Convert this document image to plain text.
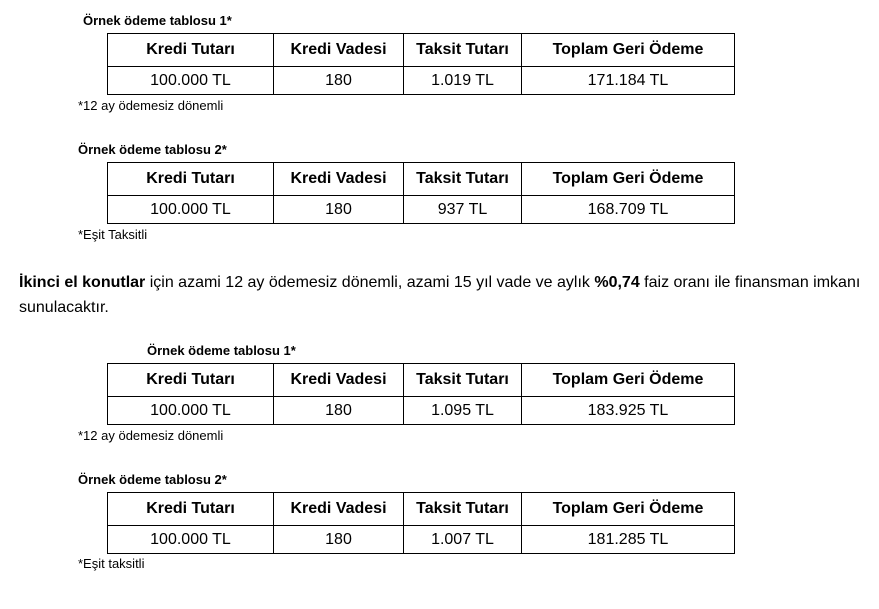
Örnek ödeme tablosu 1*
Kredi Tutarı	Kredi Vadesi	Taksit Tutarı	Toplam Geri Ödeme
100.000 TL	180	1.019 TL	171.184 TL
*12 ay ödemesiz dönemli
Örnek ödeme tablosu 2*
Kredi Tutarı	Kredi Vadesi	Taksit Tutarı	Toplam Geri Ödeme
100.000 TL	180	937 TL	168.709 TL
*Eşit Taksitli
İkinci el konutlar için azami 12 ay ödemesiz dönemli, azami 15 yıl vade ve aylık %0,74 faiz oranı ile finansman imkanı sunulacaktır.
Örnek ödeme tablosu 1*
Kredi Tutarı	Kredi Vadesi	Taksit Tutarı	Toplam Geri Ödeme
100.000 TL	180	1.095 TL	183.925 TL
*12 ay ödemesiz dönemli
Örnek ödeme tablosu 2*
Kredi Tutarı	Kredi Vadesi	Taksit Tutarı	Toplam Geri Ödeme
100.000 TL	180	1.007 TL	181.285 TL
*Eşit taksitli
